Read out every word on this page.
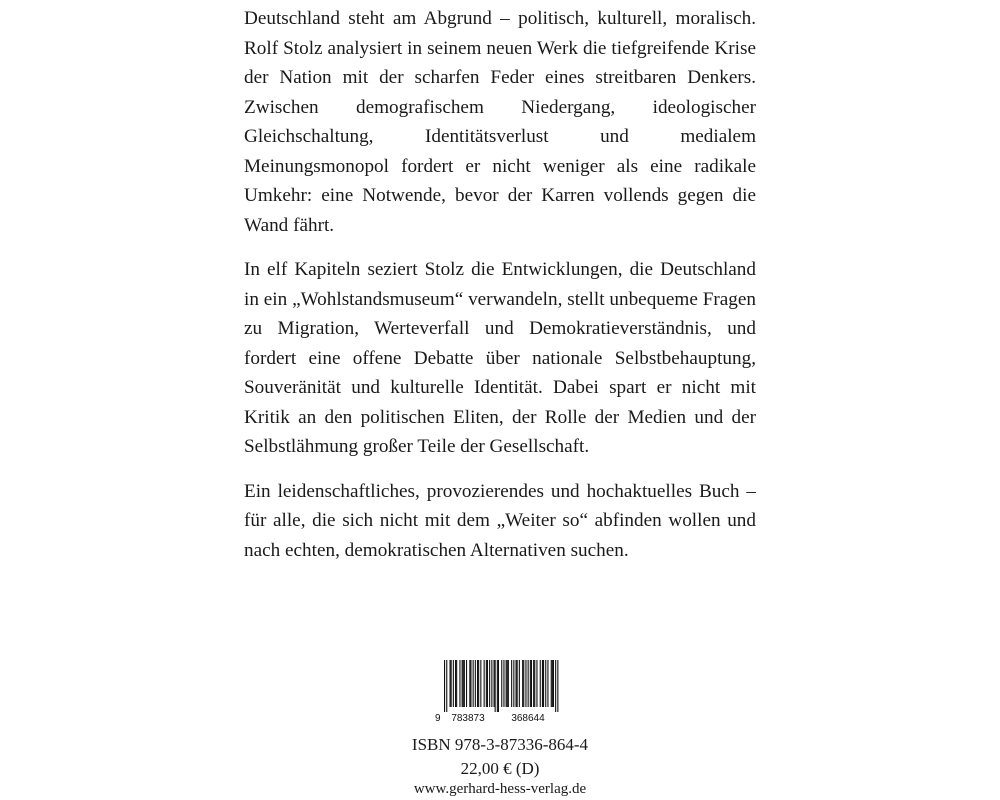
Deutschland steht am Abgrund – politisch, kulturell, moralisch. Rolf Stolz analysiert in seinem neuen Werk die tiefgreifende Krise der Nation mit der scharfen Feder eines streitbaren Denkers. Zwischen demografischem Niedergang, ideologischer Gleichschaltung, Identitätsverlust und medialem Meinungsmonopol fordert er nicht weniger als eine radikale Umkehr: eine Notwende, bevor der Karren vollends gegen die Wand fährt.

In elf Kapiteln seziert Stolz die Entwicklungen, die Deutschland in ein „Wohlstandsmuseum“ verwandeln, stellt unbequeme Fragen zu Migration, Werteverfall und Demokratieverständnis, und fordert eine offene Debatte über nationale Selbstbehauptung, Souveränität und kulturelle Identität. Dabei spart er nicht mit Kritik an den politischen Eliten, der Rolle der Medien und der Selbstlähmung großer Teile der Gesellschaft.

Ein leidenschaftliches, provozierendes und hochaktuelles Buch – für alle, die sich nicht mit dem „Weiter so“ abfinden wollen und nach echten, demokratischen Alternativen suchen.

9 783873	368644
ISBN 978-3-87336-864-4
22,00 € (D)
www.gerhard-hess-verlag.de
